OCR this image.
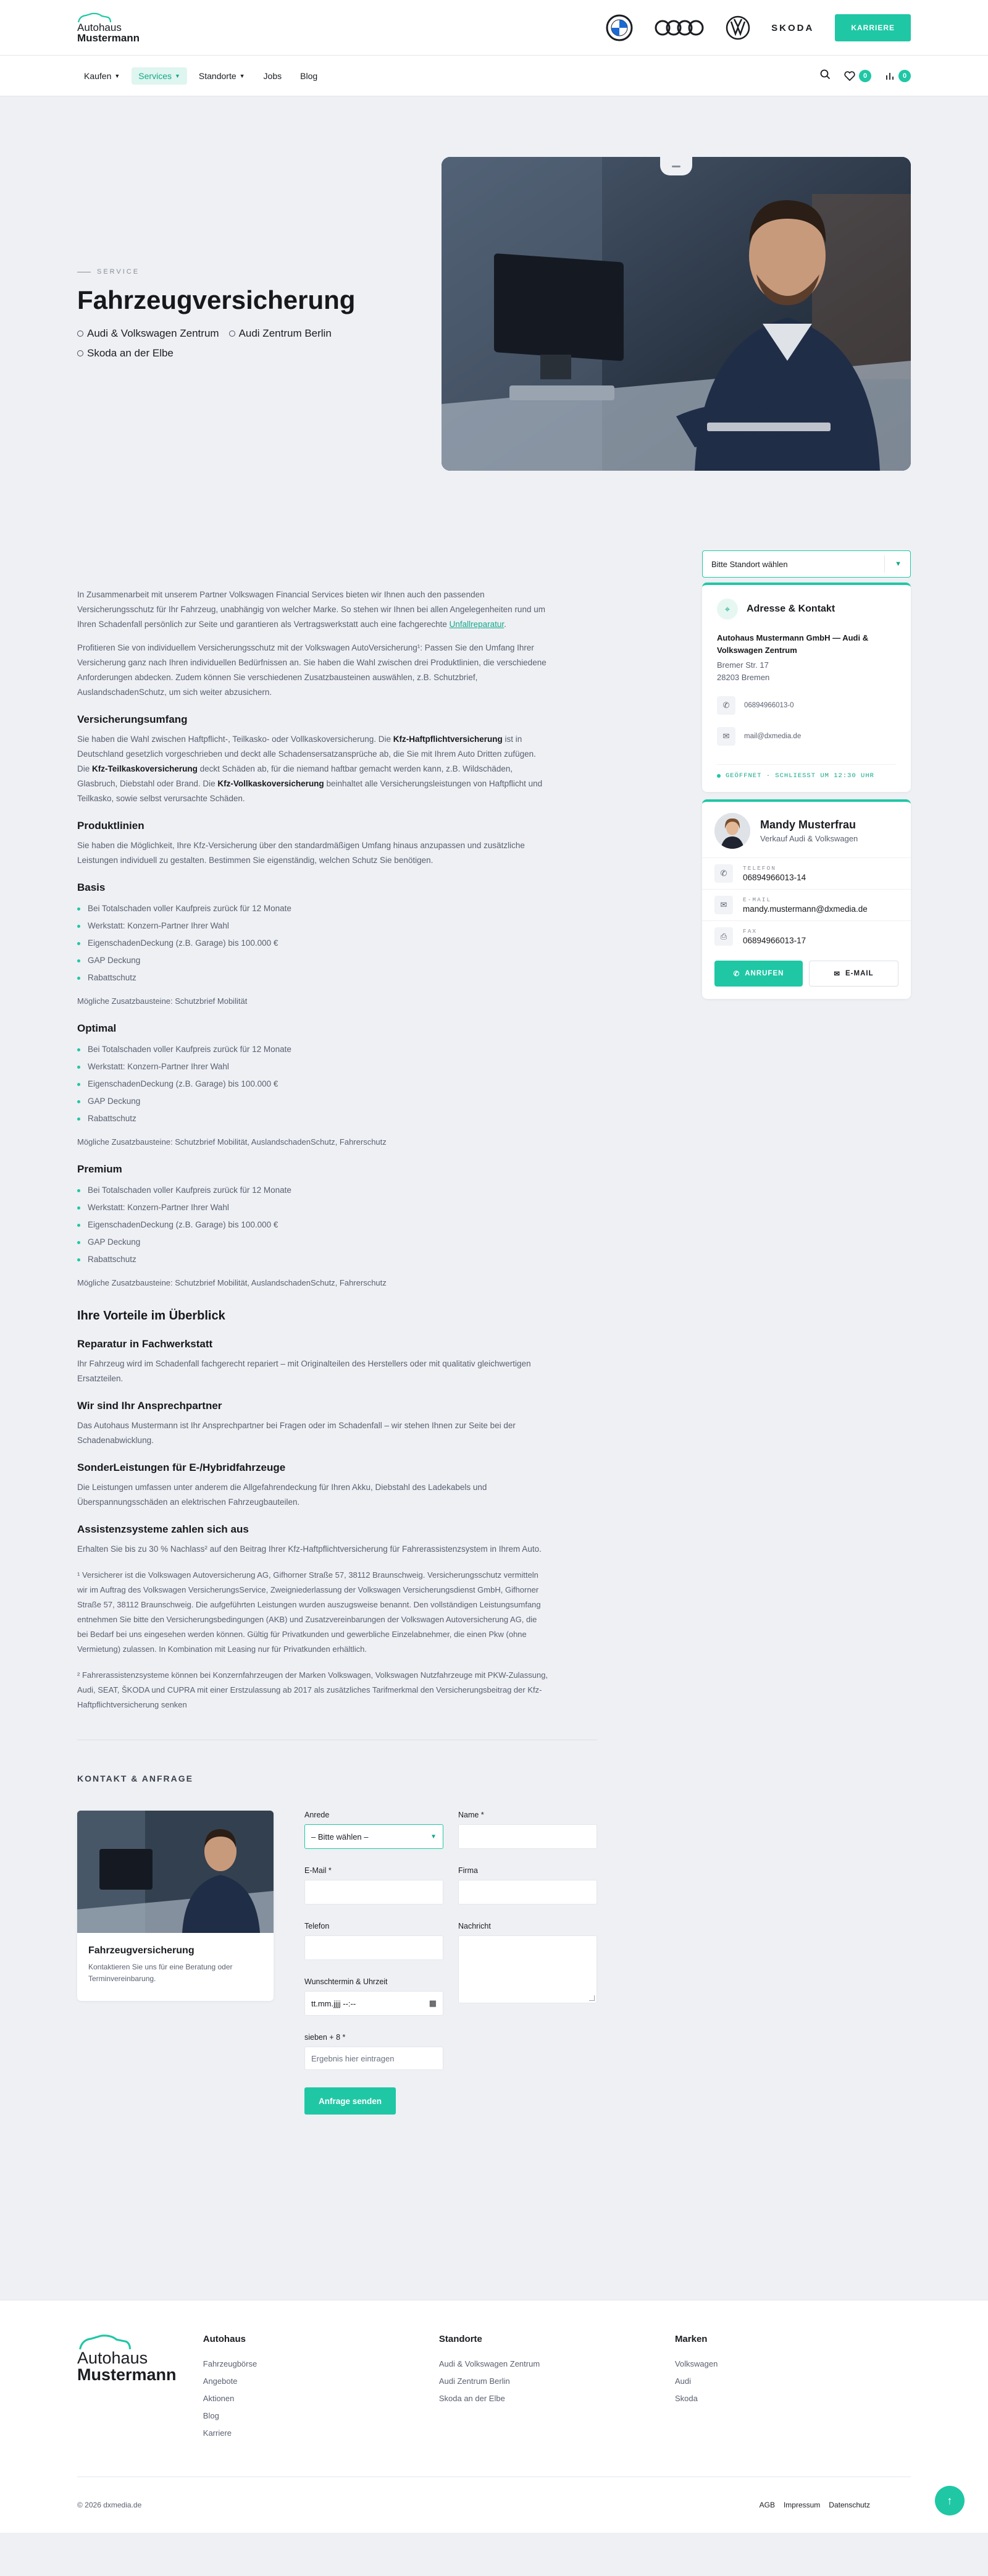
Autohaus
Mustermann
SKODA	KARRIERE
Kaufen ▼ Services ▼ Standorte ▼	Jobs	Blog	0	0
SERVICE
Fahrzeugversicherung
Audi & Volkswagen Zentrum Audi Zentrum Berlin
Skoda an der Elbe

In Zusammenarbeit mit unserem Partner Volkswagen Financial Services bieten wir Ihnen auch den passenden Versicherungsschutz für Ihr Fahrzeug, unabhängig von welcher Marke. So stehen wir Ihnen bei allen Angelegenheiten rund um Ihren Schadenfall persönlich zur Seite und garantieren als Vertragswerkstatt auch eine fachgerechte Unfallreparatur.

Profitieren Sie von individuellem Versicherungsschutz mit der Volkswagen AutoVersicherung¹: Passen Sie den Umfang Ihrer Versicherung ganz nach Ihren individuellen Bedürfnissen an. Sie haben die Wahl zwischen drei Produktlinien, die verschiedene Anforderungen abdecken. Zudem können Sie verschiedenen Zusatzbausteinen auswählen, z.B. Schutzbrief, AuslandschadenSchutz, um sich weiter abzusichern.

Versicherungsumfang

Sie haben die Wahl zwischen Haftpflicht-, Teilkasko- oder Vollkaskoversicherung. Die Kfz-Haftpflichtversicherung ist in Deutschland gesetzlich vorgeschrieben und deckt alle Schadensersatzansprüche ab, die Sie mit Ihrem Auto Dritten zufügen. Die Kfz-Teilkaskoversicherung deckt Schäden ab, für die niemand haftbar gemacht werden kann, z.B. Wildschäden, Glasbruch, Diebstahl oder Brand. Die Kfz-Vollkaskoversicherung beinhaltet alle Versicherungsleistungen von Haftpflicht und Teilkasko, sowie selbst verursachte Schäden.

Produktlinien

Sie haben die Möglichkeit, Ihre Kfz-Versicherung über den standardmäßigen Umfang hinaus anzupassen und zusätzliche Leistungen individuell zu gestalten. Bestimmen Sie eigenständig, welchen Schutz Sie benötigen.

Basis
Bei Totalschaden voller Kaufpreis zurück für 12 Monate
Werkstatt: Konzern-Partner Ihrer Wahl
EigenschadenDeckung (z.B. Garage) bis 100.000 €
GAP Deckung
Rabattschutz

Mögliche Zusatzbausteine: Schutzbrief Mobilität

Optimal
Bei Totalschaden voller Kaufpreis zurück für 12 Monate
Werkstatt: Konzern-Partner Ihrer Wahl
EigenschadenDeckung (z.B. Garage) bis 100.000 €
GAP Deckung
Rabattschutz

Mögliche Zusatzbausteine: Schutzbrief Mobilität, AuslandschadenSchutz, Fahrerschutz

Premium
Bei Totalschaden voller Kaufpreis zurück für 12 Monate
Werkstatt: Konzern-Partner Ihrer Wahl
EigenschadenDeckung (z.B. Garage) bis 100.000 €
GAP Deckung
Rabattschutz

Mögliche Zusatzbausteine: Schutzbrief Mobilität, AuslandschadenSchutz, Fahrerschutz

Ihre Vorteile im Überblick
Reparatur in Fachwerkstatt

Ihr Fahrzeug wird im Schadenfall fachgerecht repariert – mit Originalteilen des Herstellers oder mit qualitativ gleichwertigen Ersatzteilen.

Wir sind Ihr Ansprechpartner

Das Autohaus Mustermann ist Ihr Ansprechpartner bei Fragen oder im Schadenfall – wir stehen Ihnen zur Seite bei der Schadenabwicklung.

SonderLeistungen für E-/Hybridfahrzeuge

Die Leistungen umfassen unter anderem die Allgefahrendeckung für Ihren Akku, Diebstahl des Ladekabels und Überspannungsschäden an elektrischen Fahrzeugbauteilen.

Assistenzsysteme zahlen sich aus

Erhalten Sie bis zu 30 % Nachlass² auf den Beitrag Ihrer Kfz-Haftpflichtversicherung für Fahrerassistenzsystem in Ihrem Auto.

¹ Versicherer ist die Volkswagen Autoversicherung AG, Gifhorner Straße 57, 38112 Braunschweig. Versicherungsschutz vermitteln wir im Auftrag des Volkswagen VersicherungsService, Zweigniederlassung der Volkswagen Versicherungsdienst GmbH, Gifhorner Straße 57, 38112 Braunschweig. Die aufgeführten Leistungen wurden auszugsweise benannt. Den vollständigen Leistungsumfang entnehmen Sie bitte den Versicherungsbedingungen (AKB) und Zusatzvereinbarungen der Volkswagen Autoversicherung AG, die bei Bedarf bei uns eingesehen werden können. Gültig für Privatkunden und gewerbliche Einzelabnehmer, die einen Pkw (ohne Vermietung) zulassen. In Kombination mit Leasing nur für Privatkunden erhältlich.

² Fahrerassistenzsysteme können bei Konzernfahrzeugen der Marken Volkswagen, Volkswagen Nutzfahrzeuge mit PKW-Zulassung, Audi, SEAT, ŠKODA und CUPRA mit einer Erstzulassung ab 2017 als zusätzliches Tarifmerkmal den Versicherungsbeitrag der Kfz-Haftpflichtversicherung senken

Bitte Standort wählen	▼
⌖	Adresse & Kontakt
Autohaus Mustermann GmbH — Audi & Volkswagen Zentrum
Bremer Str. 17
28203 Bremen
✆	06894966013-0
✉	mail@dxmedia.de
GEÖFFNET · SCHLIESST UM 12:30 UHR
Mandy Musterfrau
Verkauf Audi & Volkswagen
✆
TELEFON
06894966013-14
✉
E-MAIL
mandy.mustermann@dxmedia.de
⎙
FAX
06894966013-17
✆ ANRUFEN	✉ E-MAIL
KONTAKT & ANFRAGE
Fahrzeugversicherung
Kontaktieren Sie uns für eine Beratung oder Terminvereinbarung.
Anrede
– Bitte wählen –	▼
Name *
E-Mail *	Firma
Telefon	Nachricht
Wunschtermin & Uhrzeit
tt.mm.jjjj --:--	▦
sieben + 8 *
Ergebnis hier eintragen
Anfrage senden
Autohaus
Mustermann
Autohaus
Fahrzeugbörse
Angebote
Aktionen
Blog
Karriere
Standorte
Audi & Volkswagen Zentrum
Audi Zentrum Berlin
Skoda an der Elbe
Marken
Volkswagen
Audi
Skoda
© 2026 dxmedia.de	AGB Impressum Datenschutz	↑
